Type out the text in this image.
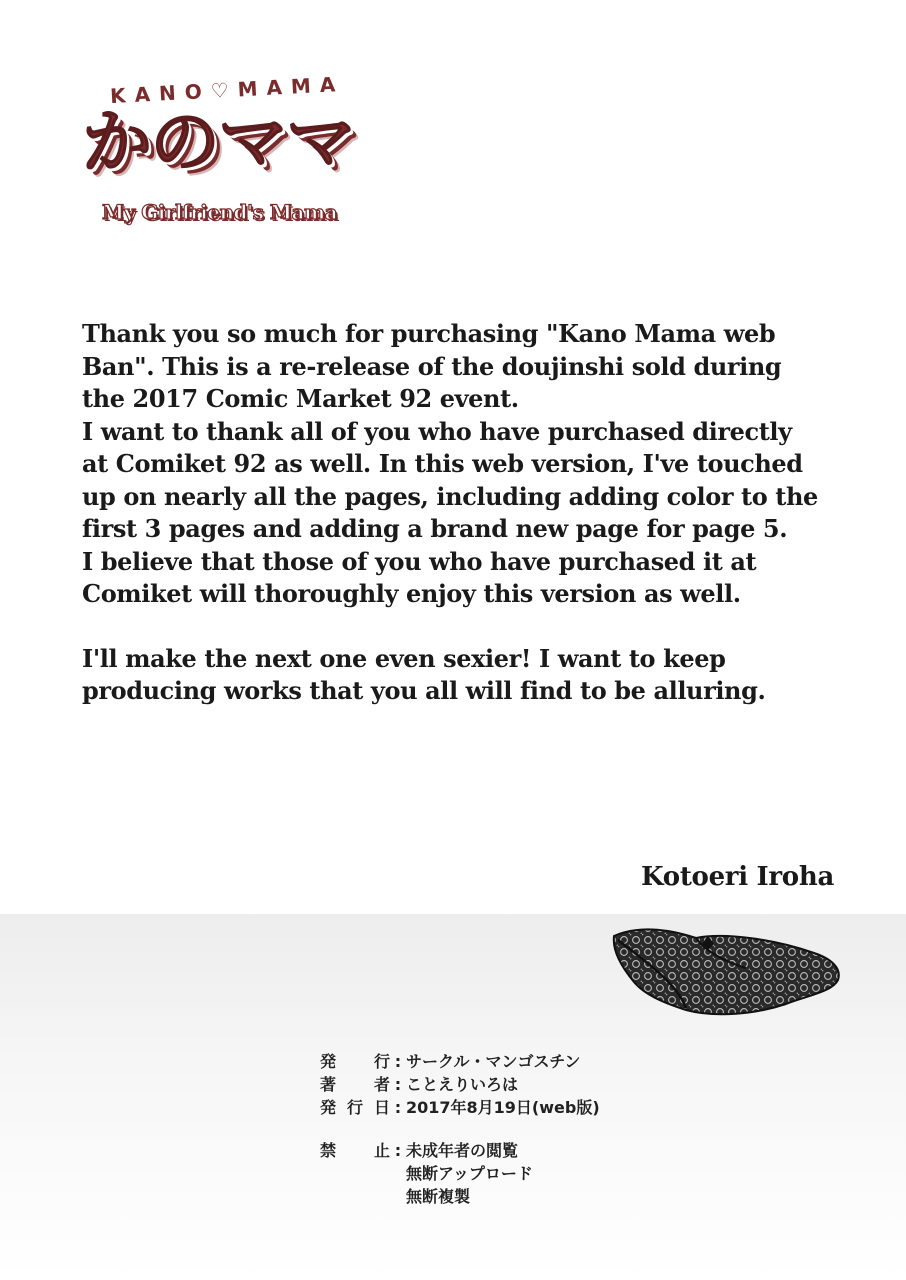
KANO♡MAMA
かのママ
My Girlfriend's Mama

Thank you so much for purchasing "Kano Mama web
Ban". This is a re-release of the doujinshi sold during
the 2017 Comic Market 92 event.
I want to thank all of you who have purchased directly
at Comiket 92 as well. In this web version, I've touched
up on nearly all the pages, including adding color to the
first 3 pages and adding a brand new page for page 5.
I believe that those of you who have purchased it at
Comiket will thoroughly enjoy this version as well.

I'll make the next one even sexier! I want to keep
producing works that you all will find to be alluring.

Kotoeri Iroha
発　行 : サークル・マンゴスチン
著　者 : ことえりいろは
発行日 : 2017年8月19日(web版)
禁　止 : 未成年者の閲覧
無断アップロード
無断複製
